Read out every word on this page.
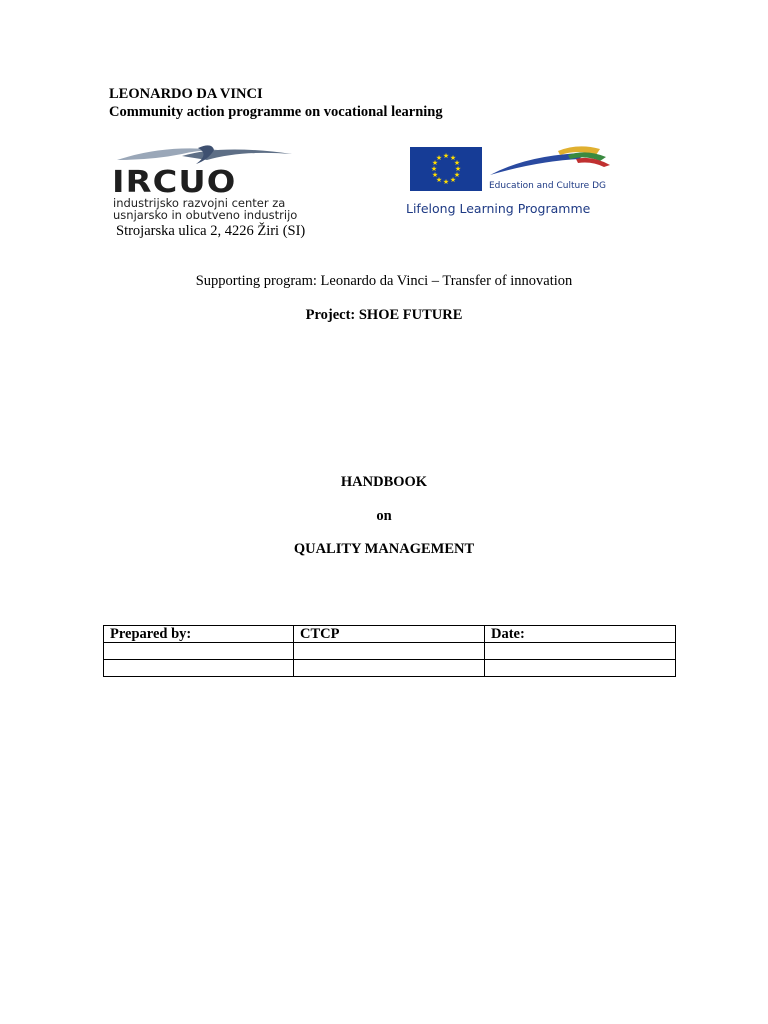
LEONARDO DA VINCI
Community action programme on vocational learning
IRCUO
industrijsko razvojni center za
usnjarsko in obutveno industrijo
Strojarska ulica 2, 4226 Žiri (SI)
★ ★
★
★
★
★
★
★
★
★
★
★
Education and Culture DG
Lifelong Learning Programme
Supporting program: Leonardo da Vinci – Transfer of innovation
Project: SHOE FUTURE
HANDBOOK
on
QUALITY MANAGEMENT
Prepared by:	CTCP	Date:
